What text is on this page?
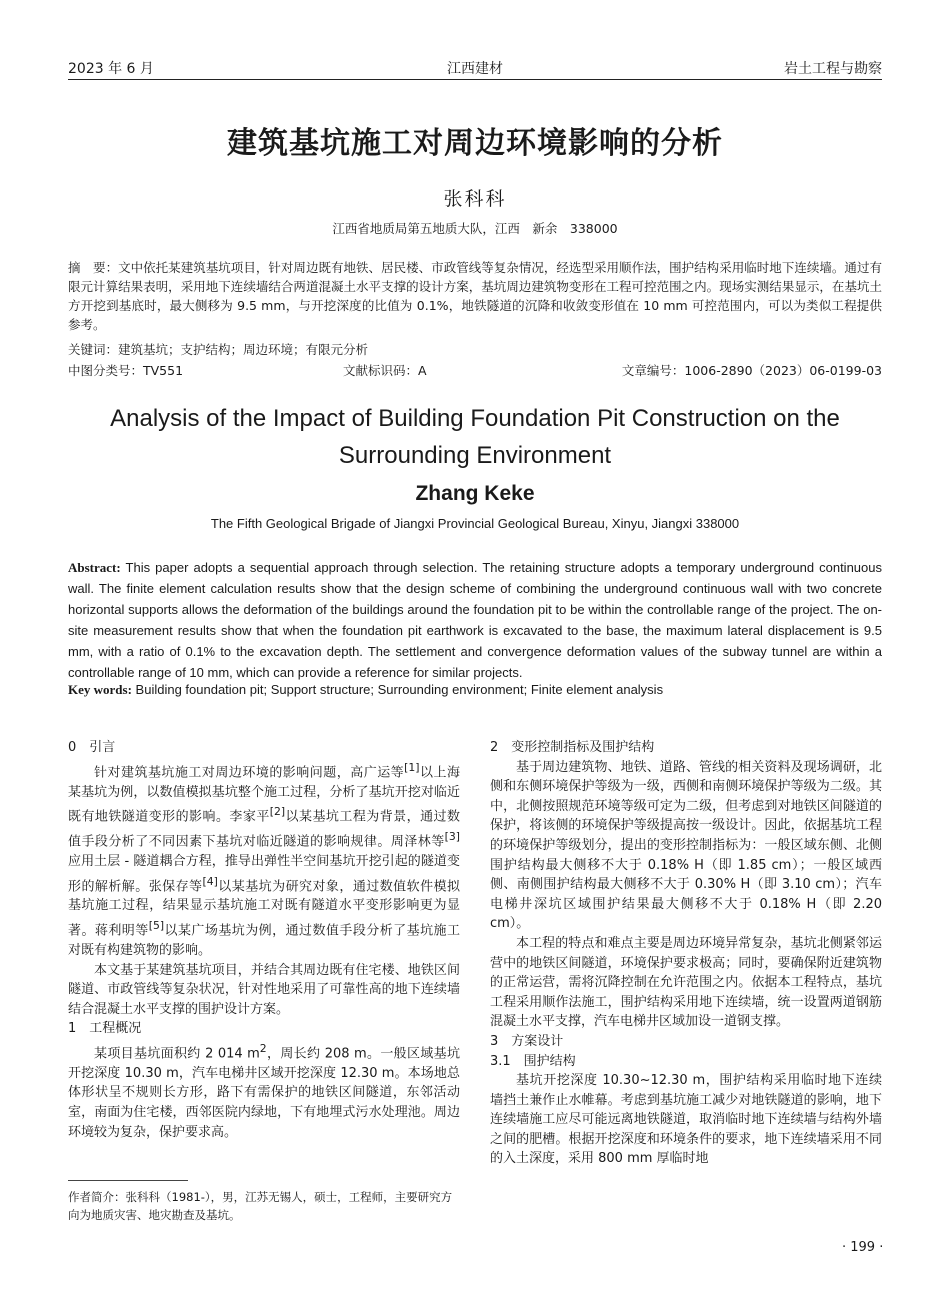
2023 年 6 月	江西建材	岩土工程与勘察
建筑基坑施工对周边环境影响的分析
张科科
江西省地质局第五地质大队，江西　新余　338000
摘　要：文中依托某建筑基坑项目，针对周边既有地铁、居民楼、市政管线等复杂情况，经选型采用顺作法，围护结构采用临时地下连续墙。通过有限元计算结果表明，采用地下连续墙结合两道混凝土水平支撑的设计方案，基坑周边建筑物变形在工程可控范围之内。现场实测结果显示，在基坑土方开挖到基底时，最大侧移为 9.5 mm，与开挖深度的比值为 0.1%，地铁隧道的沉降和收敛变形值在 10 mm 可控范围内，可以为类似工程提供参考。
关键词：建筑基坑；支护结构；周边环境；有限元分析
中图分类号：TV551	文献标识码：A	文章编号：1006-2890（2023）06-0199-03
Analysis of the Impact of Building Foundation Pit Construction on the Surrounding Environment
Zhang Keke
The Fifth Geological Brigade of Jiangxi Provincial Geological Bureau, Xinyu, Jiangxi 338000
Abstract: This paper adopts a sequential approach through selection. The retaining structure adopts a temporary underground continuous wall. The finite element calculation results show that the design scheme of combining the underground continuous wall with two concrete horizontal supports allows the deformation of the buildings around the foundation pit to be within the controllable range of the project. The on-site measurement results show that when the foundation pit earthwork is excavated to the base, the maximum lateral displacement is 9.5 mm, with a ratio of 0.1% to the excavation depth. The settlement and convergence deformation values of the subway tunnel are within a controllable range of 10 mm, which can provide a reference for similar projects.
Key words: Building foundation pit; Support structure; Surrounding environment; Finite element analysis

0　引言

针对建筑基坑施工对周边环境的影响问题，高广运等[1]以上海某基坑为例，以数值模拟基坑整个施工过程，分析了基坑开挖对临近既有地铁隧道变形的影响。李家平[2]以某基坑工程为背景，通过数值手段分析了不同因素下基坑对临近隧道的影响规律。周泽林等[3]应用土层 - 隧道耦合方程，推导出弹性半空间基坑开挖引起的隧道变形的解析解。张保存等[4]以某基坑为研究对象，通过数值软件模拟基坑施工过程，结果显示基坑施工对既有隧道水平变形影响更为显著。蒋利明等[5]以某广场基坑为例，通过数值手段分析了基坑施工对既有构建筑物的影响。

本文基于某建筑基坑项目，并结合其周边既有住宅楼、地铁区间隧道、市政管线等复杂状况，针对性地采用了可靠性高的地下连续墙结合混凝土水平支撑的围护设计方案。

1　工程概况

某项目基坑面积约 2 014 $m^2$，周长约 208 m。一般区域基坑开挖深度 10.30 m，汽车电梯井区域开挖深度 12.30 m。本场地总体形状呈不规则长方形，路下有需保护的地铁区间隧道，东邻活动室，南面为住宅楼，西邻医院内绿地，下有地埋式污水处理池。周边环境较为复杂，保护要求高。

作者简介：张科科（1981-），男，江苏无锡人，硕士，工程师，主要研究方向为地质灾害、地灾勘查及基坑。

2　变形控制指标及围护结构

基于周边建筑物、地铁、道路、管线的相关资料及现场调研，北侧和东侧环境保护等级为一级，西侧和南侧环境保护等级为二级。其中，北侧按照规范环境等级可定为二级，但考虑到对地铁区间隧道的保护，将该侧的环境保护等级提高按一级设计。因此，依据基坑工程的环境保护等级划分，提出的变形控制指标为：一般区域东侧、北侧围护结构最大侧移不大于 0.18% H（即 1.85 cm）；一般区域西侧、南侧围护结构最大侧移不大于 0.30% H（即 3.10 cm）；汽车电梯井深坑区域围护结果最大侧移不大于 0.18% H（即 2.20 cm）。

本工程的特点和难点主要是周边环境异常复杂，基坑北侧紧邻运营中的地铁区间隧道，环境保护要求极高；同时，要确保附近建筑物的正常运营，需将沉降控制在允许范围之内。依据本工程特点，基坑工程采用顺作法施工，围护结构采用地下连续墙，统一设置两道钢筋混凝土水平支撑，汽车电梯井区域加设一道钢支撑。

3　方案设计

3.1　围护结构

基坑开挖深度 10.30~12.30 m，围护结构采用临时地下连续墙挡土兼作止水帷幕。考虑到基坑施工减少对地铁隧道的影响，地下连续墙施工应尽可能远离地铁隧道，取消临时地下连续墙与结构外墙之间的肥槽。根据开挖深度和环境条件的要求，地下连续墙采用不同的入土深度，采用 800 mm 厚临时地

· 199 ·
